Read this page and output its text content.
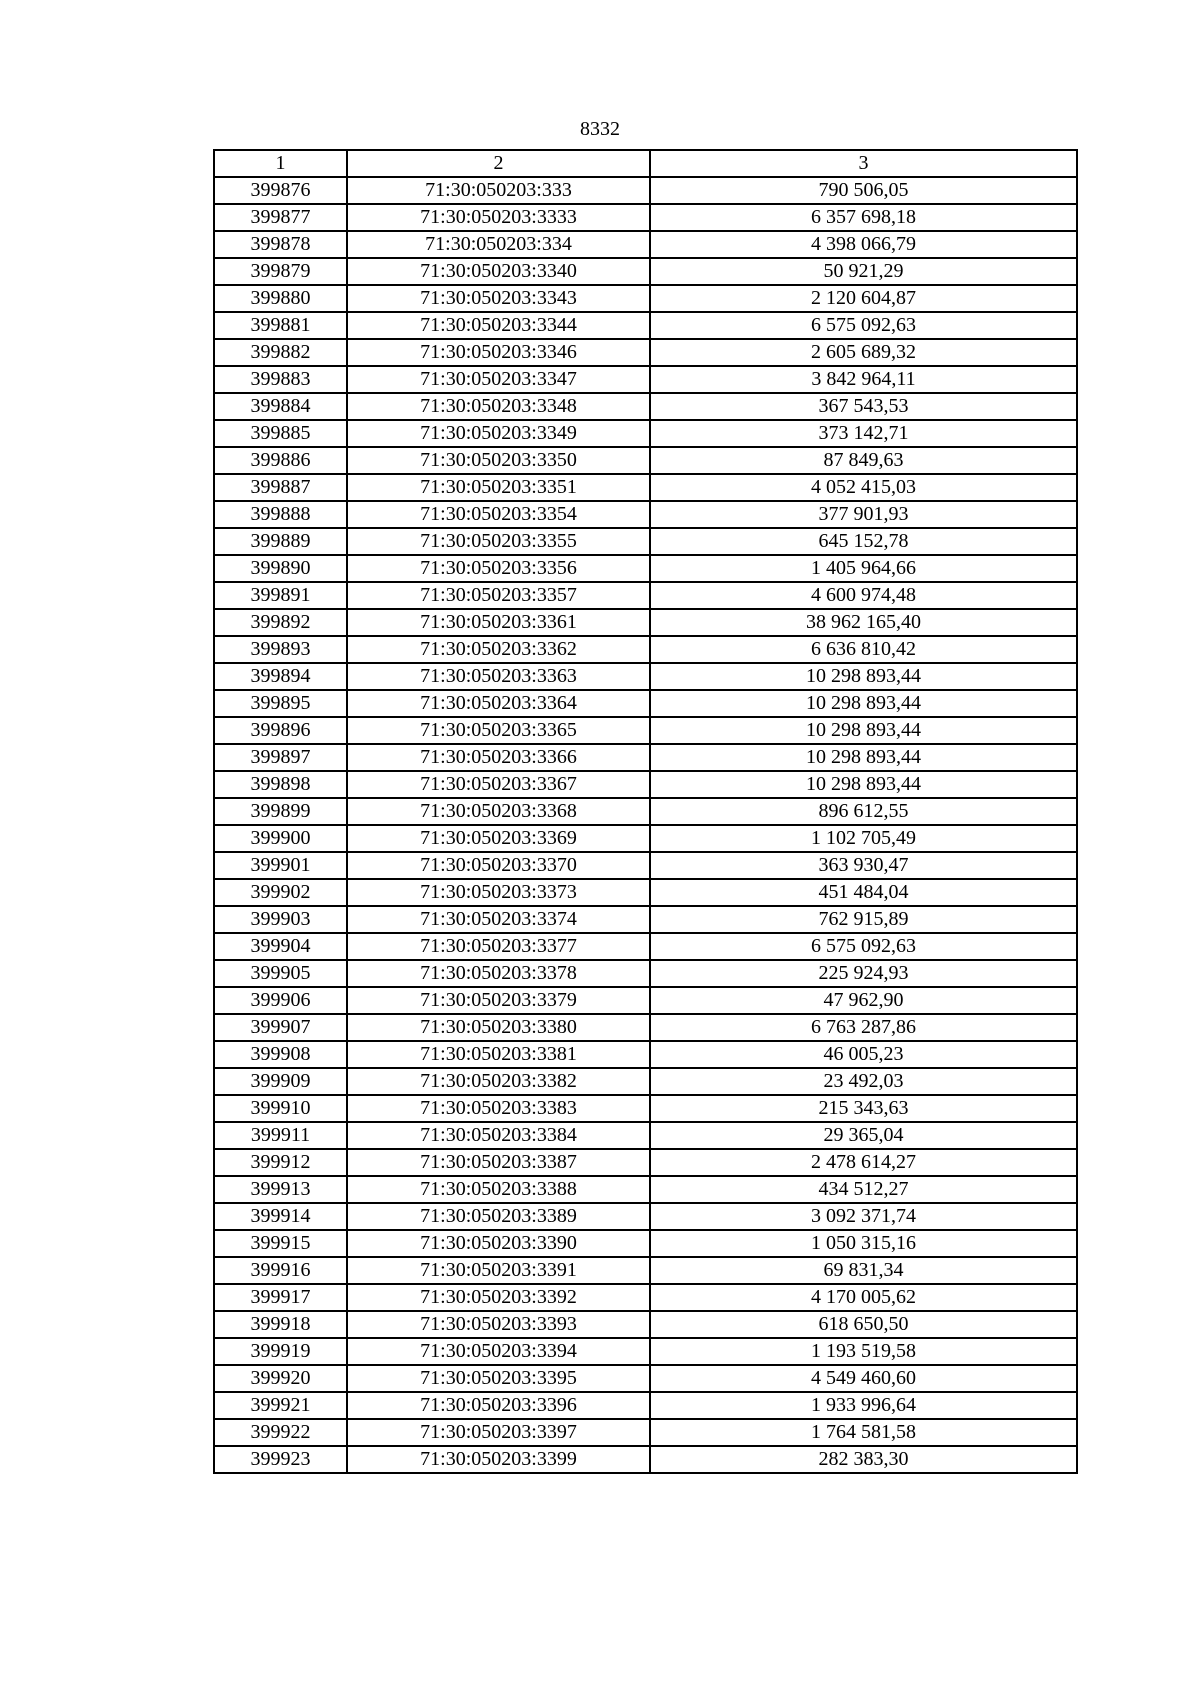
8332
1	2	3
399876	71:30:050203:333	790 506,05
399877	71:30:050203:3333	6 357 698,18
399878	71:30:050203:334	4 398 066,79
399879	71:30:050203:3340	50 921,29
399880	71:30:050203:3343	2 120 604,87
399881	71:30:050203:3344	6 575 092,63
399882	71:30:050203:3346	2 605 689,32
399883	71:30:050203:3347	3 842 964,11
399884	71:30:050203:3348	367 543,53
399885	71:30:050203:3349	373 142,71
399886	71:30:050203:3350	87 849,63
399887	71:30:050203:3351	4 052 415,03
399888	71:30:050203:3354	377 901,93
399889	71:30:050203:3355	645 152,78
399890	71:30:050203:3356	1 405 964,66
399891	71:30:050203:3357	4 600 974,48
399892	71:30:050203:3361	38 962 165,40
399893	71:30:050203:3362	6 636 810,42
399894	71:30:050203:3363	10 298 893,44
399895	71:30:050203:3364	10 298 893,44
399896	71:30:050203:3365	10 298 893,44
399897	71:30:050203:3366	10 298 893,44
399898	71:30:050203:3367	10 298 893,44
399899	71:30:050203:3368	896 612,55
399900	71:30:050203:3369	1 102 705,49
399901	71:30:050203:3370	363 930,47
399902	71:30:050203:3373	451 484,04
399903	71:30:050203:3374	762 915,89
399904	71:30:050203:3377	6 575 092,63
399905	71:30:050203:3378	225 924,93
399906	71:30:050203:3379	47 962,90
399907	71:30:050203:3380	6 763 287,86
399908	71:30:050203:3381	46 005,23
399909	71:30:050203:3382	23 492,03
399910	71:30:050203:3383	215 343,63
399911	71:30:050203:3384	29 365,04
399912	71:30:050203:3387	2 478 614,27
399913	71:30:050203:3388	434 512,27
399914	71:30:050203:3389	3 092 371,74
399915	71:30:050203:3390	1 050 315,16
399916	71:30:050203:3391	69 831,34
399917	71:30:050203:3392	4 170 005,62
399918	71:30:050203:3393	618 650,50
399919	71:30:050203:3394	1 193 519,58
399920	71:30:050203:3395	4 549 460,60
399921	71:30:050203:3396	1 933 996,64
399922	71:30:050203:3397	1 764 581,58
399923	71:30:050203:3399	282 383,30
